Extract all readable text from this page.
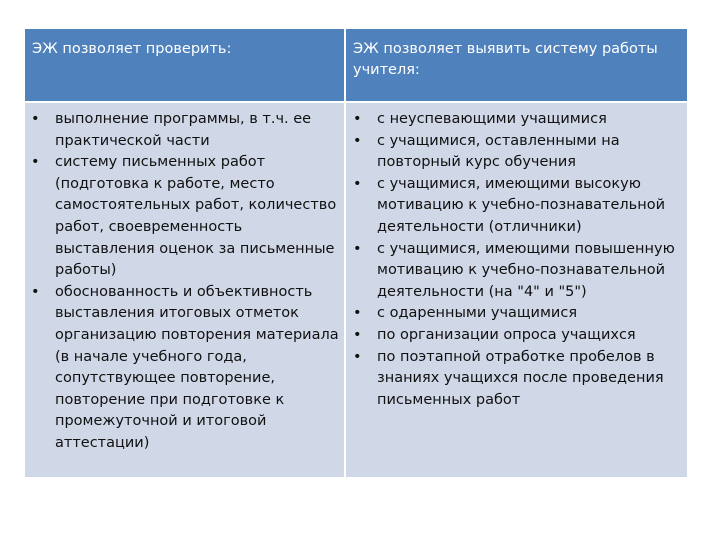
ЭЖ позволяет проверить:	ЭЖ позволяет выявить систему работы учителя:
• выполнение программы, в т.ч. ее практической части
• систему письменных работ (подготовка к работе, место самостоятельных работ, количество работ, своевременность выставления оценок за письменные работы)
• обоснованность и объективность выставления итоговых отметок организацию повторения материала (в начале учебного года, сопутствующее повторение, повторение при подготовке к промежуточной и итоговой аттестации)
• с неуспевающими учащимися
• с учащимися, оставленными на повторный курс обучения
• с учащимися, имеющими высокую мотивацию к учебно-познавательной деятельности (отличники)
• с учащимися, имеющими повышенную мотивацию к учебно-познавательной деятельности (на "4" и "5")
• с одаренными учащимися
• по организации опроса учащихся
• по поэтапной отработке пробелов в знаниях учащихся после проведения письменных работ
